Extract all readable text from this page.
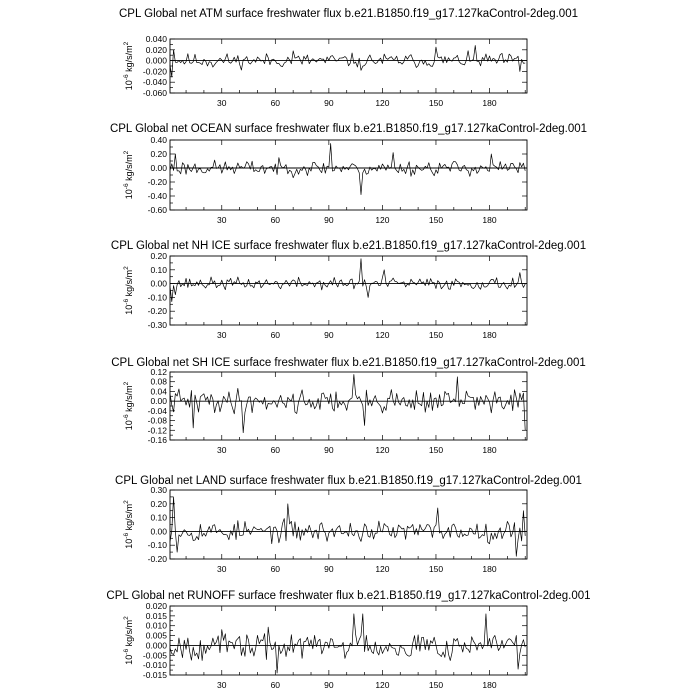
CPL Global net ATM surface freshwater flux b.e21.B1850.f19_g17.127kaControl-2deg.001
-0.060
-0.040
-0.020
0.000
0.020
0.040
30	60	90	120	150	180
$10^{-6}$ $kg/s/m^2$
CPL Global net OCEAN surface freshwater flux b.e21.B1850.f19_g17.127kaControl-2deg.001
-0.60
-0.40
-0.20
0.00
0.20
0.40
30	60	90	120	150	180
$10^{-6}$ $kg/s/m^2$
CPL Global net NH ICE surface freshwater flux b.e21.B1850.f19_g17.127kaControl-2deg.001
-0.30
-0.20
-0.10
0.00
0.10
0.20
30	60	90	120	150	180
$10^{-6}$ $kg/s/m^2$
CPL Global net SH ICE surface freshwater flux b.e21.B1850.f19_g17.127kaControl-2deg.001
-0.16
-0.12
-0.08
-0.04
0.00
0.04
0.08
0.12
30	60	90	120	150	180
$10^{-6}$ $kg/s/m^2$
CPL Global net LAND surface freshwater flux b.e21.B1850.f19_g17.127kaControl-2deg.001
-0.20
-0.10
0.00
0.10
0.20
0.30
30	60	90	120	150	180
$10^{-6}$ $kg/s/m^2$
CPL Global net RUNOFF surface freshwater flux b.e21.B1850.f19_g17.127kaControl-2deg.001
-0.015
-0.010
-0.005
0.000
0.005
0.010
0.015
0.020
30	60	90	120	150	180
$10^{-6}$ $kg/s/m^2$
